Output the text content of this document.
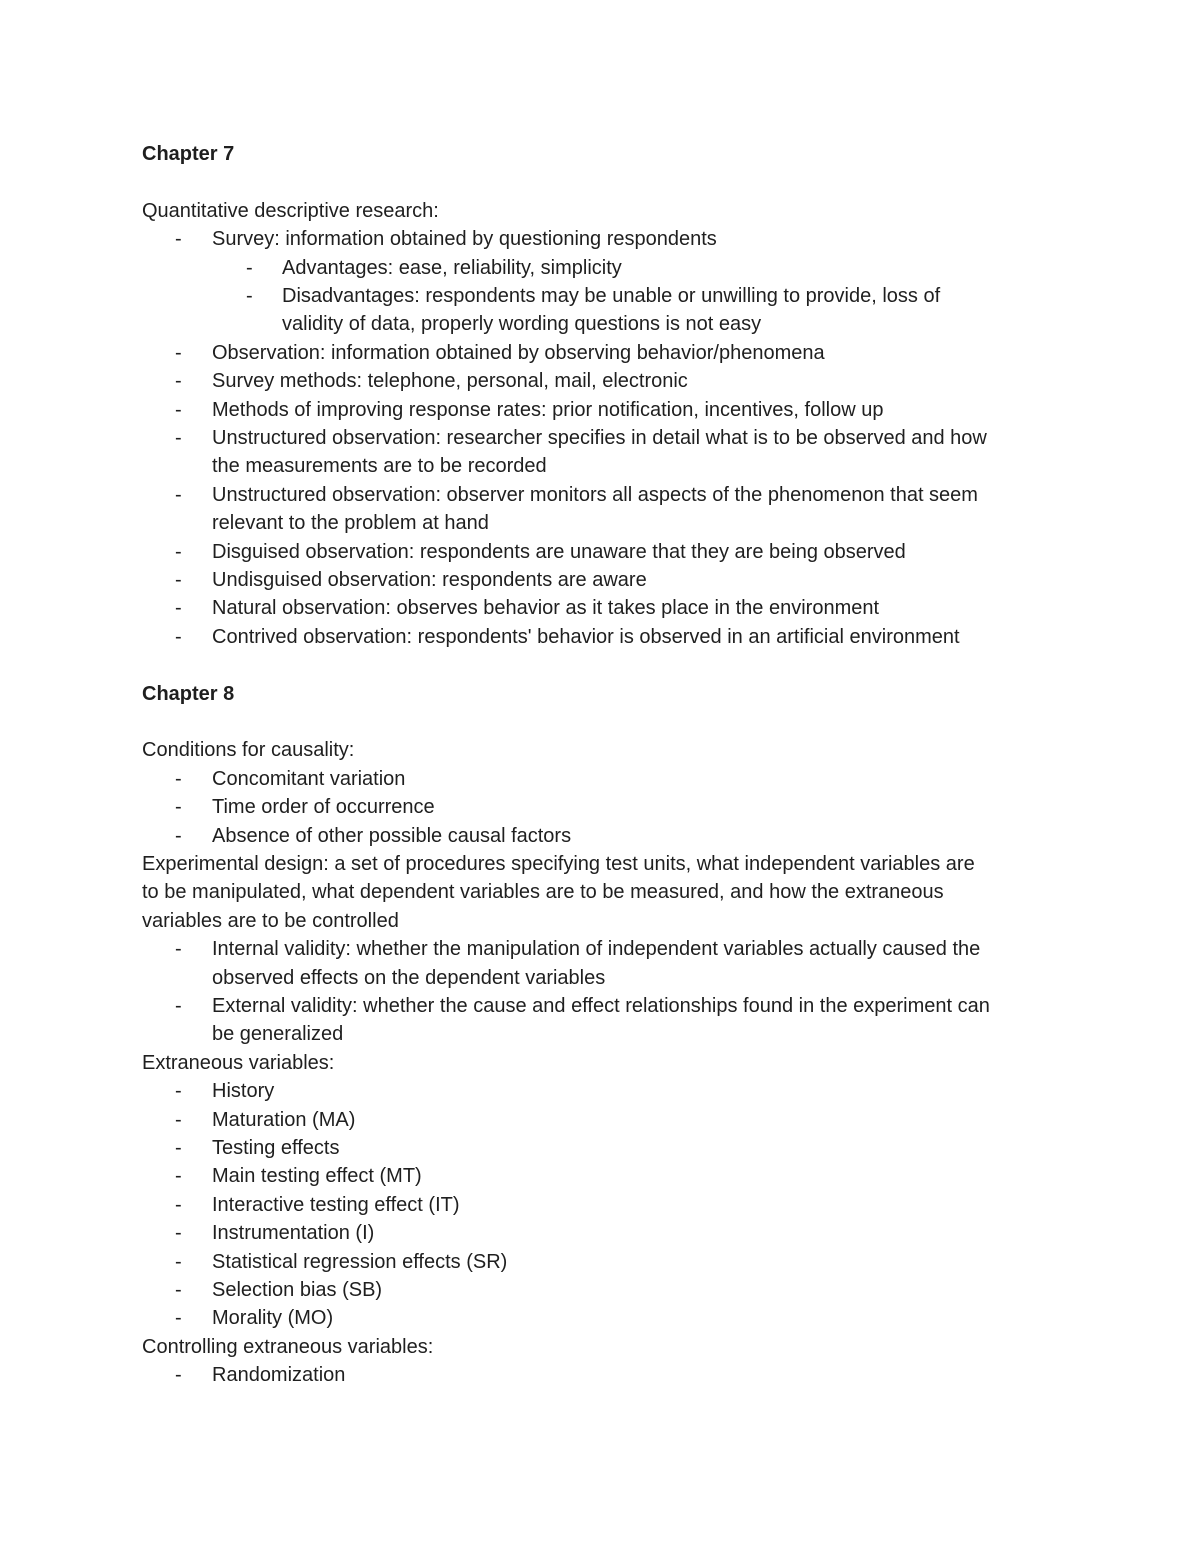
Chapter 7
Quantitative descriptive research:
- Survey: information obtained by questioning respondents
- Advantages: ease, reliability, simplicity
- Disadvantages: respondents may be unable or unwilling to provide, loss of
validity of data, properly wording questions is not easy
- Observation: information obtained by observing behavior/phenomena
- Survey methods: telephone, personal, mail, electronic
- Methods of improving response rates: prior notification, incentives, follow up
- Unstructured observation: researcher specifies in detail what is to be observed and how
the measurements are to be recorded
- Unstructured observation: observer monitors all aspects of the phenomenon that seem
relevant to the problem at hand
- Disguised observation: respondents are unaware that they are being observed
- Undisguised observation: respondents are aware
- Natural observation: observes behavior as it takes place in the environment
- Contrived observation: respondents' behavior is observed in an artificial environment
Chapter 8
Conditions for causality:
- Concomitant variation
- Time order of occurrence
- Absence of other possible causal factors
Experimental design: a set of procedures specifying test units, what independent variables are
to be manipulated, what dependent variables are to be measured, and how the extraneous
variables are to be controlled
- Internal validity: whether the manipulation of independent variables actually caused the
observed effects on the dependent variables
- External validity: whether the cause and effect relationships found in the experiment can
be generalized
Extraneous variables:
- History
- Maturation (MA)
- Testing effects
- Main testing effect (MT)
- Interactive testing effect (IT)
- Instrumentation (I)
- Statistical regression effects (SR)
- Selection bias (SB)
- Morality (MO)
Controlling extraneous variables:
- Randomization
